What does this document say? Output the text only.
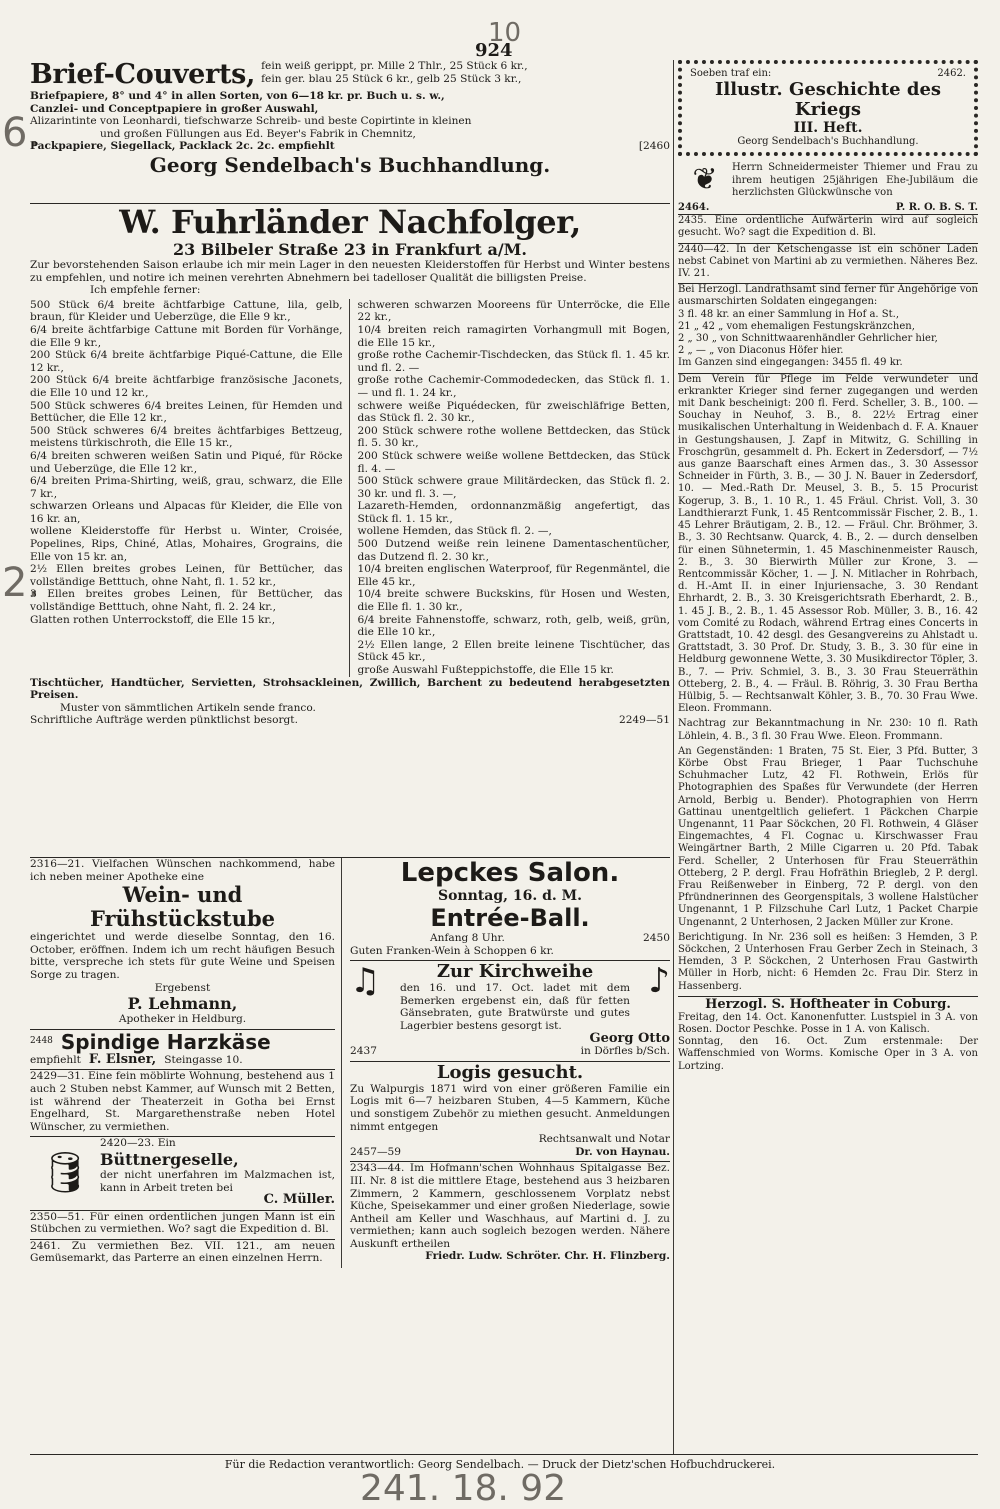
10
6.
2.
241. 18. 92
924
Brief-Couverts, fein weiß gerippt, pr. Mille 2 Thlr., 25 Stück 6 kr.,
fein ger. blau 25 Stück 6 kr., gelb 25 Stück 3 kr.,
Briefpapiere, 8° und 4° in allen Sorten, von 6—18 kr. pr. Buch u. s. w.,
Canzlei- und Conceptpapiere in großer Auswahl,
Alizarintinte von Leonhardi, tiefschwarze Schreib- und beste Copirtinte in kleinen
und großen Füllungen aus Ed. Beyer's Fabrik in Chemnitz,
Packpapiere, Siegellack, Packlack 2c. 2c. empfiehlt	[2460
Georg Sendelbach's Buchhandlung.
W. Fuhrländer Nachfolger,
23 Bilbeler Straße 23 in Frankfurt a/M.
Zur bevorstehenden Saison erlaube ich mir mein Lager in den neuesten Kleiderstoffen für Herbst und Winter bestens zu empfehlen, und notire ich meinen verehrten Abnehmern bei tadelloser Qualität die billigsten Preise.
Ich empfehle ferner:
500 Stück 6/4 breite ächtfarbige Cattune, lila, gelb, braun, für Kleider und Ueberzüge, die Elle 9 kr.,
6/4 breite ächtfarbige Cattune mit Borden für Vorhänge, die Elle 9 kr.,
200 Stück 6/4 breite ächtfarbige Piqué-Cattune, die Elle 12 kr.,
200 Stück 6/4 breite ächtfarbige französische Jaconets, die Elle 10 und 12 kr.,
500 Stück schweres 6/4 breites Leinen, für Hemden und Bettücher, die Elle 12 kr.,
500 Stück schweres 6/4 breites ächtfarbiges Bettzeug, meistens türkischroth, die Elle 15 kr.,
6/4 breiten schweren weißen Satin und Piqué, für Röcke und Ueberzüge, die Elle 12 kr.,
6/4 breiten Prima-Shirting, weiß, grau, schwarz, die Elle 7 kr.,
schwarzen Orleans und Alpacas für Kleider, die Elle von 16 kr. an,
wollene Kleiderstoffe für Herbst u. Winter, Croisée, Popelines, Rips, Chiné, Atlas, Mohaires, Grograins, die Elle von 15 kr. an,
2½ Ellen breites grobes Leinen, für Bettücher, das vollständige Betttuch, ohne Naht, fl. 1. 52 kr.,
3 Ellen breites grobes Leinen, für Bettücher, das vollständige Betttuch, ohne Naht, fl. 2. 24 kr.,
Glatten rothen Unterrockstoff, die Elle 15 kr.,
schweren schwarzen Mooreens für Unterröcke, die Elle 22 kr.,
10/4 breiten reich ramagirten Vorhangmull mit Bogen, die Elle 15 kr.,
große rothe Cachemir-Tischdecken, das Stück fl. 1. 45 kr. und fl. 2. —
große rothe Cachemir-Commodedecken, das Stück fl. 1. — und fl. 1. 24 kr.,
schwere weiße Piquédecken, für zweischläfrige Betten, das Stück fl. 2. 30 kr.,
200 Stück schwere rothe wollene Bettdecken, das Stück fl. 5. 30 kr.,
200 Stück schwere weiße wollene Bettdecken, das Stück fl. 4. —
500 Stück schwere graue Militärdecken, das Stück fl. 2. 30 kr. und fl. 3. —,
Lazareth-Hemden, ordonnanzmäßig angefertigt, das Stück fl. 1. 15 kr.,
wollene Hemden, das Stück fl. 2. —,
500 Dutzend weiße rein leinene Damentaschentücher, das Dutzend fl. 2. 30 kr.,
10/4 breiten englischen Waterproof, für Regenmäntel, die Elle 45 kr.,
10/4 breite schwere Buckskins, für Hosen und Westen, die Elle fl. 1. 30 kr.,
6/4 breite Fahnenstoffe, schwarz, roth, gelb, weiß, grün, die Elle 10 kr.,
2½ Ellen lange, 2 Ellen breite leinene Tischtücher, das Stück 45 kr.,
große Auswahl Fußteppichstoffe, die Elle 15 kr.
Tischtücher, Handtücher, Servietten, Strohsackleinen, Zwillich, Barchent zu bedeutend herabgesetzten Preisen.
Muster von sämmtlichen Artikeln sende franco.
Schriftliche Aufträge werden pünktlichst besorgt.	2249—51
2316—21. Vielfachen Wünschen nachkommend, habe ich neben meiner Apotheke eine
Wein- und Frühstückstube
eingerichtet und werde dieselbe Sonntag, den 16. October, eröffnen. Indem ich um recht häufigen Besuch bitte, verspreche ich stets für gute Weine und Speisen Sorge zu tragen.
Ergebenst
P. Lehmann,
Apotheker in Heldburg.
2448 Spindige Harzkäse
empfiehlt F. Elsner, Steingasse 10.
2429—31. Eine fein möblirte Wohnung, bestehend aus 1 auch 2 Stuben nebst Kammer, auf Wunsch mit 2 Betten, ist während der Theaterzeit in Gotha bei Ernst Engelhard, St. Margarethenstraße neben Hotel Wünscher, zu vermiethen.
🛢
2420—23. Ein
Büttnergeselle,
der nicht unerfahren im Malzmachen ist, kann in Arbeit treten bei
C. Müller.
2350—51. Für einen ordentlichen jungen Mann ist ein Stübchen zu vermiethen. Wo? sagt die Expedition d. Bl.
2461. Zu vermiethen Bez. VII. 121., am neuen Gemüsemarkt, das Parterre an einen einzelnen Herrn.
Lepckes Salon.
Sonntag, 16. d. M.
Entrée-Ball.
Anfang 8 Uhr.	2450
Guten Franken-Wein à Schoppen 6 kr.
♫	Zur Kirchweihe
den 16. und 17. Oct. ladet mit dem Bemerken ergebenst ein, daß für fetten Gänsebraten, gute Bratwürste und gutes Lagerbier bestens gesorgt ist.
♪
Georg Otto
2437	in Dörfles b/Sch.
Logis gesucht.
Zu Walpurgis 1871 wird von einer größeren Familie ein Logis mit 6—7 heizbaren Stuben, 4—5 Kammern, Küche und sonstigem Zubehör zu miethen gesucht. Anmeldungen nimmt entgegen
Rechtsanwalt und Notar
2457—59	Dr. von Haynau.
2343—44. Im Hofmann'schen Wohnhaus Spitalgasse Bez. III. Nr. 8 ist die mittlere Etage, bestehend aus 3 heizbaren Zimmern, 2 Kammern, geschlossenem Vorplatz nebst Küche, Speisekammer und einer großen Niederlage, sowie Antheil am Keller und Waschhaus, auf Martini d. J. zu vermiethen; kann auch sogleich bezogen werden. Nähere Auskunft ertheilen
Friedr. Ludw. Schröter. Chr. H. Flinzberg.
Soeben traf ein:	2462.
Illustr. Geschichte des Kriegs
III. Heft.
Georg Sendelbach's Buchhandlung.
❦	Herrn Schneidermeister Thiemer und Frau zu ihrem heutigen 25jährigen Ehe-Jubiläum die herzlichsten Glückwünsche von
2464.	P. R. O. B. S. T.
2435. Eine ordentliche Aufwärterin wird auf sogleich gesucht. Wo? sagt die Expedition d. Bl.
2440—42. In der Ketschengasse ist ein schöner Laden nebst Cabinet von Martini ab zu vermiethen. Näheres Bez. IV. 21.
Bei Herzogl. Landrathsamt sind ferner für Angehörige von ausmarschirten Soldaten eingegangen:
3 fl. 48 kr. an einer Sammlung in Hof a. St.,
21 „ 42 „ vom ehemaligen Festungskränzchen,
2 „ 30 „ von Schnittwaarenhändler Gehrlicher hier,
2 „ — „ von Diaconus Höfer hier.
Im Ganzen sind eingegangen: 3455 fl. 49 kr.
Dem Verein für Pflege im Felde verwundeter und erkrankter Krieger sind ferner zugegangen und werden mit Dank bescheinigt: 200 fl. Ferd. Scheller, 3. B., 100. — Souchay in Neuhof, 3. B., 8. 22½ Ertrag einer musikalischen Unterhaltung in Weidenbach d. F. A. Knauer in Gestungshausen, J. Zapf in Mitwitz, G. Schilling in Froschgrün, gesammelt d. Ph. Eckert in Zedersdorf, — 7½ aus ganze Baarschaft eines Armen das., 3. 30 Assessor Schneider in Fürth, 3. B., — 30 J. N. Bauer in Zedersdorf, 10. — Med.-Rath Dr. Meusel, 3. B., 5. 15 Procurist Kogerup, 3. B., 1. 10 R., 1. 45 Fräul. Christ. Voll, 3. 30 Landthierarzt Funk, 1. 45 Rentcommissär Fischer, 2. B., 1. 45 Lehrer Bräutigam, 2. B., 12. — Fräul. Chr. Bröhmer, 3. B., 3. 30 Rechtsanw. Quarck, 4. B., 2. — durch denselben für einen Sühnetermin, 1. 45 Maschinenmeister Rausch, 2. B., 3. 30 Bierwirth Müller zur Krone, 3. — Rentcommissär Köcher, 1. — J. N. Mitlacher in Rohrbach, d. H.-Amt II. in einer Injuriensache, 3. 30 Rendant Ehrhardt, 2. B., 3. 30 Kreisgerichtsrath Eberhardt, 2. B., 1. 45 J. B., 2. B., 1. 45 Assessor Rob. Müller, 3. B., 16. 42 vom Comité zu Rodach, während Ertrag eines Concerts in Grattstadt, 10. 42 desgl. des Gesangvereins zu Ahlstadt u. Grattstadt, 3. 30 Prof. Dr. Study, 3. B., 3. 30 für eine in Heldburg gewonnene Wette, 3. 30 Musikdirector Töpler, 3. B., 7. — Priv. Schmiel, 3. B., 3. 30 Frau Steuerräthin Otteberg, 2. B., 4. — Fräul. B. Röhrig, 3. 30 Frau Bertha Hülbig, 5. — Rechtsanwalt Köhler, 3. B., 70. 30 Frau Wwe. Eleon. Frommann.
Nachtrag zur Bekanntmachung in Nr. 230: 10 fl. Rath Löhlein, 4. B., 3 fl. 30 Frau Wwe. Eleon. Frommann.
An Gegenständen: 1 Braten, 75 St. Eier, 3 Pfd. Butter, 3 Körbe Obst Frau Brieger, 1 Paar Tuchschuhe Schuhmacher Lutz, 42 Fl. Rothwein, Erlös für Photographien des Spaßes für Verwundete (der Herren Arnold, Berbig u. Bender). Photographien von Herrn Gattinau unentgeltlich geliefert. 1 Päckchen Charpie Ungenannt, 11 Paar Söckchen, 20 Fl. Rothwein, 4 Gläser Eingemachtes, 4 Fl. Cognac u. Kirschwasser Frau Weingärtner Barth, 2 Mille Cigarren u. 20 Pfd. Tabak Ferd. Scheller, 2 Unterhosen für Frau Steuerräthin Otteberg, 2 P. dergl. Frau Hofräthin Briegleb, 2 P. dergl. Frau Reißenweber in Einberg, 72 P. dergl. von den Pfründnerinnen des Georgenspitals, 3 wollene Halstücher Ungenannt, 1 P. Filzschuhe Carl Lutz, 1 Packet Charpie Ungenannt, 2 Unterhosen, 2 Jacken Müller zur Krone.
Berichtigung. In Nr. 236 soll es heißen: 3 Hemden, 3 P. Söckchen, 2 Unterhosen Frau Gerber Zech in Steinach, 3 Hemden, 3 P. Söckchen, 2 Unterhosen Frau Gastwirth Müller in Horb, nicht: 6 Hemden 2c. Frau Dir. Sterz in Hassenberg.
Herzogl. S. Hoftheater in Coburg.
Freitag, den 14. Oct. Kanonenfutter. Lustspiel in 3 A. von Rosen. Doctor Peschke. Posse in 1 A. von Kalisch.
Sonntag, den 16. Oct. Zum erstenmale: Der Waffenschmied von Worms. Komische Oper in 3 A. von Lortzing.
Für die Redaction verantwortlich: Georg Sendelbach. — Druck der Dietz'schen Hofbuchdruckerei.
